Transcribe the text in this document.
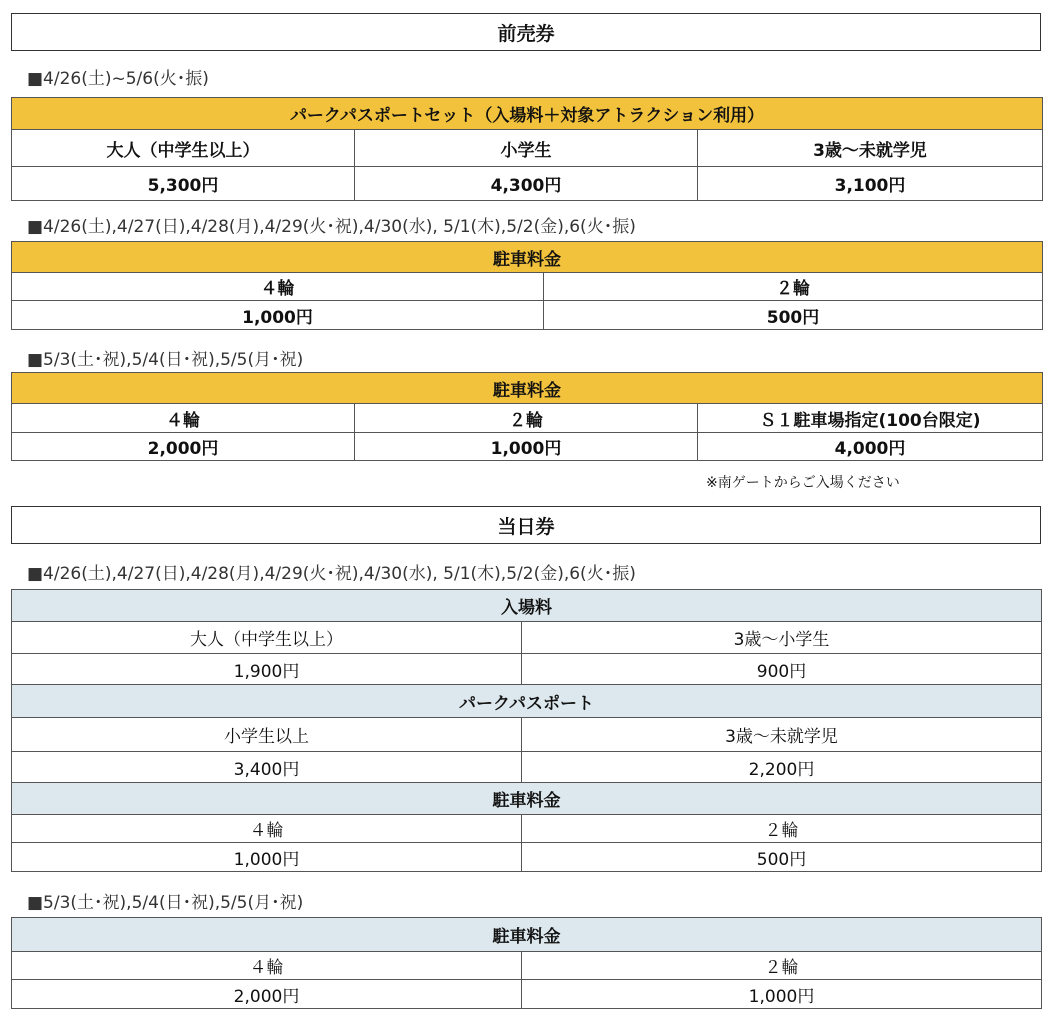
前売券
■4/26(土)~5/6(火･振)
パークパスポートセット（入場料＋対象アトラクション利用）		
大人（中学生以上）	小学生	3歳～未就学児
5,300円	4,300円	3,100円
■4/26(土),4/27(日),4/28(月),4/29(火･祝),4/30(水), 5/1(木),5/2(金),6(火･振)
駐車料金	
４輪	２輪
1,000円	500円
■5/3(土･祝),5/4(日･祝),5/5(月･祝)
駐車料金		
４輪	２輪	Ｓ１駐車場指定(100台限定)
2,000円	1,000円	4,000円
※南ゲートからご入場ください
当日券
■4/26(土),4/27(日),4/28(月),4/29(火･祝),4/30(水), 5/1(木),5/2(金),6(火･振)
入場料	
大人（中学生以上）	3歳～小学生
1,900円	900円
パークパスポート	
小学生以上	3歳～未就学児
3,400円	2,200円
駐車料金	
４輪	２輪
1,000円	500円
■5/3(土･祝),5/4(日･祝),5/5(月･祝)
駐車料金	
４輪	２輪
2,000円	1,000円
